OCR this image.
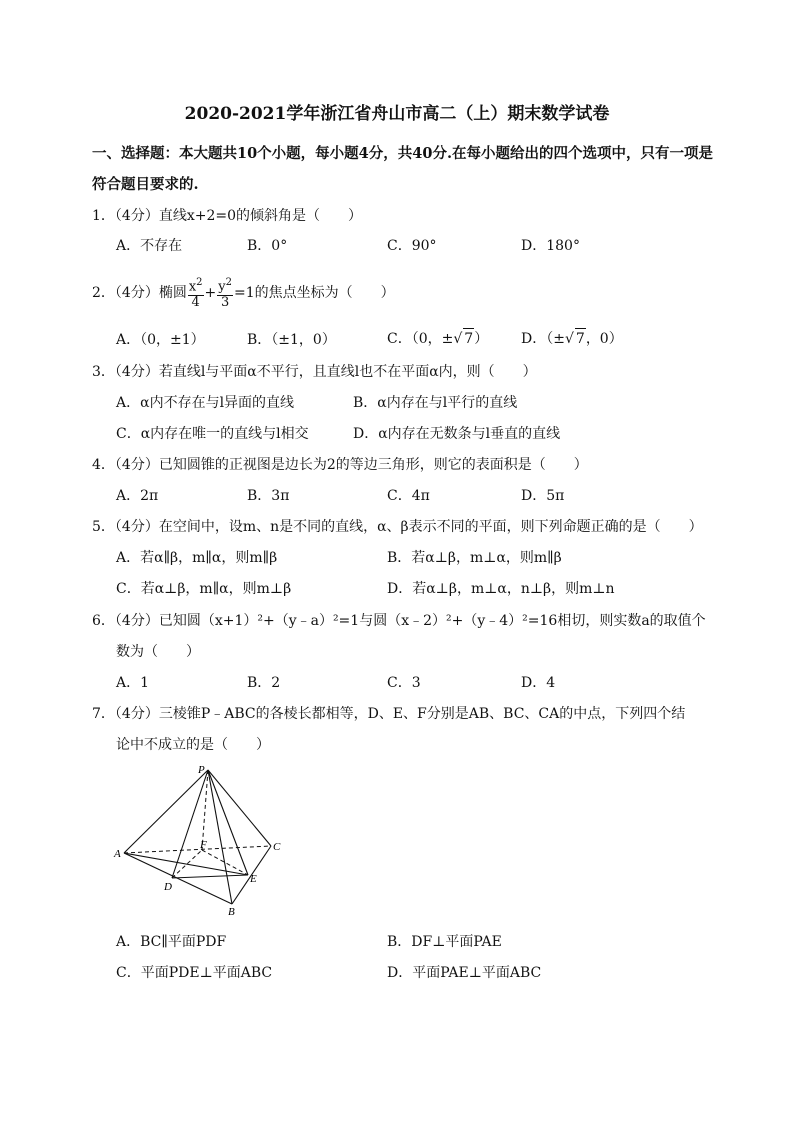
2020-2021学年浙江省舟山市高二（上）期末数学试卷
一、选择题：本大题共10个小题，每小题4分，共40分.在每小题给出的四个选项中，只有一项是
符合题目要求的.
1．（4分）直线x+2=0的倾斜角是（　　）
A．不存在	B．0°	C．90°	D．180°
2．（4分）椭圆 $\frac{x^2}{4} + \frac{y^2}{3} =1$的焦点坐标为（　　）
A．（0，±1）	B．（±1，0）	C．（0，±√ 7） D．（±√ 7，0）
3．（4分）若直线l与平面α不平行，且直线l也不在平面α内，则（　　）
A．α内不存在与l异面的直线	B．α内存在与l平行的直线
C．α内存在唯一的直线与l相交	D．α内存在无数条与l垂直的直线
4．（4分）已知圆锥的正视图是边长为2的等边三角形，则它的表面积是（　　）
A．2π	B．3π	C．4π	D．5π
5．（4分）在空间中，设m、n是不同的直线，α、β表示不同的平面，则下列命题正确的是（　　）
A．若α∥β，m∥α，则m∥β	B．若α⊥β，m⊥α，则m∥β
C．若α⊥β，m∥α，则m⊥β	D．若α⊥β，m⊥α，n⊥β，则m⊥n
6．（4分）已知圆（x+1）²+（y﹣a）²=1与圆（x﹣2）²+（y﹣4）²=16相切，则实数a的取值个
数为（　　）
A．1	B．2	C．3	D．4
7．（4分）三棱锥P﹣ABC的各棱长都相等，D、E、F分别是AB、BC、CA的中点，下列四个结
论中不成立的是（　　）
P
A
B
C
D
E
F
A．BC∥平面PDF	B．DF⊥平面PAE
C．平面PDE⊥平面ABC	D．平面PAE⊥平面ABC
